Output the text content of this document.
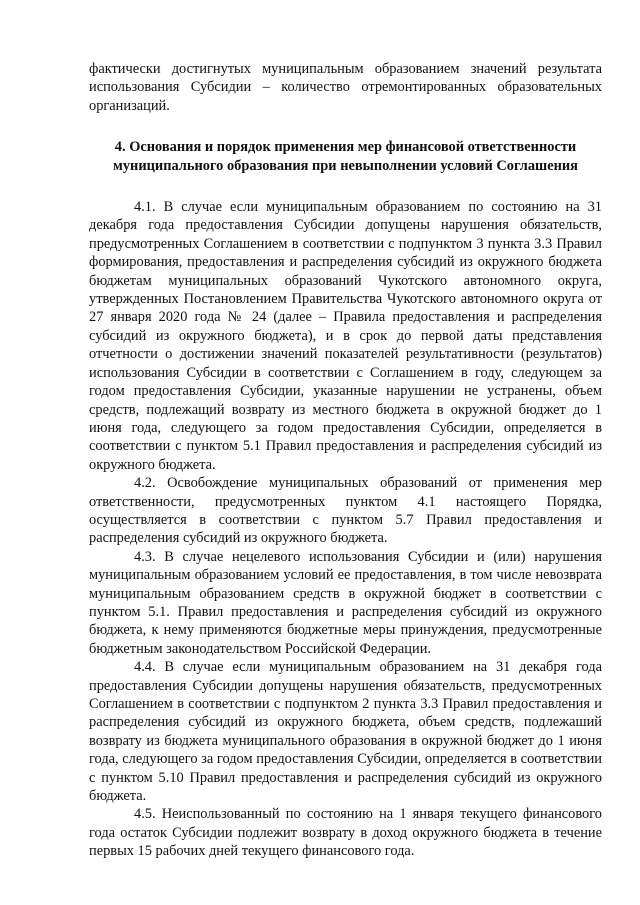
фактически достигнутых муниципальным образованием значений результата использования Субсидии – количество отремонтированных образовательных организаций.

4. Основания и порядок применения мер финансовой ответственности
муниципального образования при невыполнении условий Соглашения

4.1. В случае если муниципальным образованием по состоянию на 31 декабря года предоставления Субсидии допущены нарушения обязательств, предусмотренных Соглашением в соответствии с подпунктом 3 пункта 3.3 Правил формирования, предоставления и распределения субсидий из окружного бюджета бюджетам муниципальных образований Чукотского автономного округа, утвержденных Постановлением Правительства Чукотского автономного округа от 27 января 2020 года № 24 (далее – Правила предоставления и распределения субсидий из окружного бюджета), и в срок до первой даты представления отчетности о достижении значений показателей результативности (результатов) использования Субсидии в соответствии с Соглашением в году, следующем за годом предоставления Субсидии, указанные нарушении не устранены, объем средств, подлежащий возврату из местного бюджета в окружной бюджет до 1 июня года, следующего за годом предоставления Субсидии, определяется в соответствии с пунктом 5.1 Правил предоставления и распределения субсидий из окружного бюджета.

4.2. Освобождение муниципальных образований от применения мер ответственности, предусмотренных пунктом 4.1 настоящего Порядка, осуществляется в соответствии с пунктом 5.7 Правил предоставления и распределения субсидий из окружного бюджета.

4.3. В случае нецелевого использования Субсидии и (или) нарушения муниципальным образованием условий ее предоставления, в том числе невозврата муниципальным образованием средств в окружной бюджет в соответствии с пунктом 5.1. Правил предоставления и распределения субсидий из окружного бюджета, к нему применяются бюджетные меры принуждения, предусмотренные бюджетным законодательством Российской Федерации.

4.4. В случае если муниципальным образованием на 31 декабря года предоставления Субсидии допущены нарушения обязательств, предусмотренных Соглашением в соответствии с подпунктом 2 пункта 3.3 Правил предоставления и распределения субсидий из окружного бюджета, объем средств, подлежаший возврату из бюджета муниципального образования в окружной бюджет до 1 июня года, следующего за годом предоставления Субсидии, определяется в соответствии с пунктом 5.10 Правил предоставления и распределения субсидий из окружного бюджета.

4.5. Неиспользованный по состоянию на 1 января текущего финансового года остаток Субсидии подлежит возврату в доход окружного бюджета в течение первых 15 рабочих дней текущего финансового года.
